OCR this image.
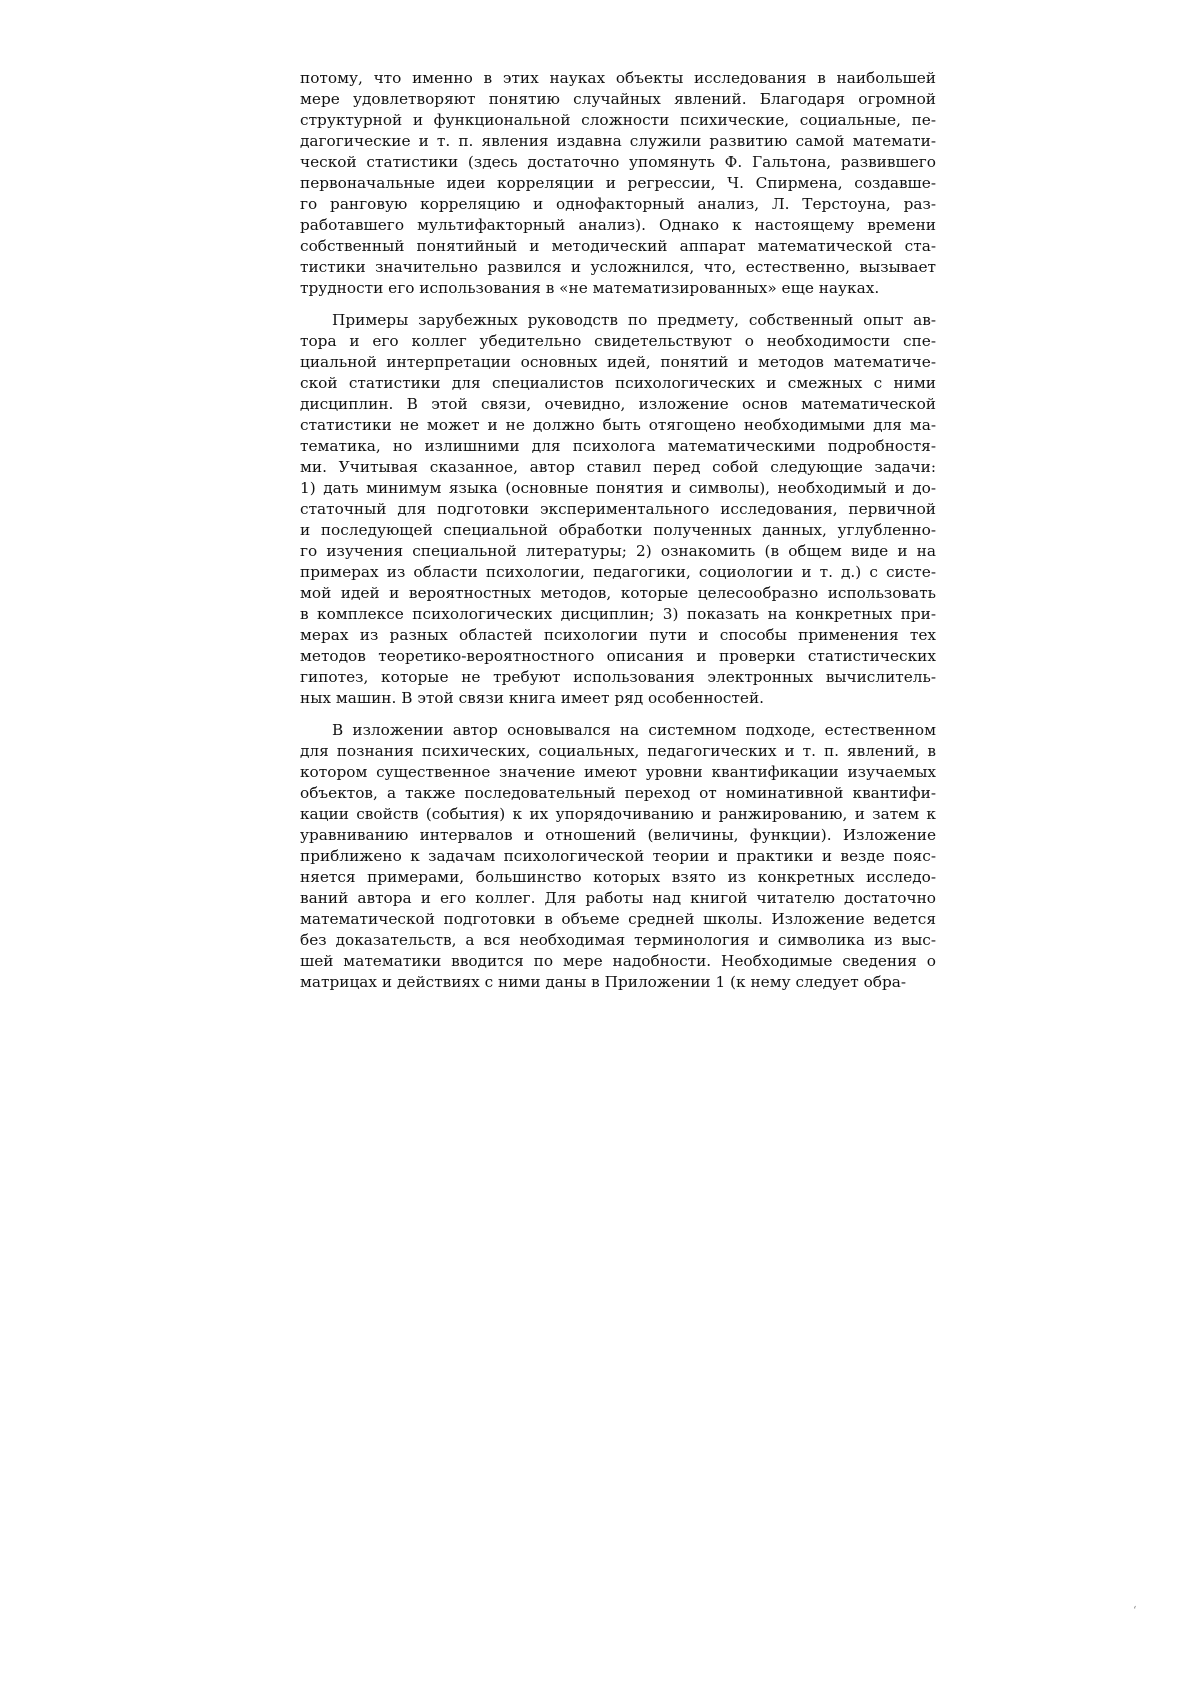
потому, что именно в этих науках объекты исследования в наибольшей
мере удовлетворяют понятию случайных явлений. Благодаря огромной
структурной и функциональной сложности психические, социальные, пе-
дагогические и т. п. явления издавна служили развитию самой математи-
ческой статистики (здесь достаточно упомянуть Ф. Гальтона, развившего
первоначальные идеи корреляции и регрессии, Ч. Спирмена, создавше-
го ранговую корреляцию и однофакторный анализ, Л. Терстоуна, раз-
работавшего мультифакторный анализ). Однако к настоящему времени
собственный понятийный и методический аппарат математической ста-
тистики значительно развился и усложнился, что, естественно, вызывает
трудности его использования в «не математизированных» еще науках.
Примеры зарубежных руководств по предмету, собственный опыт ав-
тора и его коллег убедительно свидетельствуют о необходимости спе-
циальной интерпретации основных идей, понятий и методов математиче-
ской статистики для специалистов психологических и смежных с ними
дисциплин. В этой связи, очевидно, изложение основ математической
статистики не может и не должно быть отягощено необходимыми для ма-
тематика, но излишними для психолога математическими подробностя-
ми. Учитывая сказанное, автор ставил перед собой следующие задачи:
1) дать минимум языка (основные понятия и символы), необходимый и до-
статочный для подготовки экспериментального исследования, первичной
и последующей специальной обработки полученных данных, углубленно-
го изучения специальной литературы; 2) ознакомить (в общем виде и на
примерах из области психологии, педагогики, социологии и т. д.) с систе-
мой идей и вероятностных методов, которые целесообразно использовать
в комплексе психологических дисциплин; 3) показать на конкретных при-
мерах из разных областей психологии пути и способы применения тех
методов теоретико-вероятностного описания и проверки статистических
гипотез, которые не требуют использования электронных вычислитель-
ных машин. В этой связи книга имеет ряд особенностей.
В изложении автор основывался на системном подходе, естественном
для познания психических, социальных, педагогических и т. п. явлений, в
котором существенное значение имеют уровни квантификации изучаемых
объектов, а также последовательный переход от номинативной квантифи-
кации свойств (события) к их упорядочиванию и ранжированию, и затем к
уравниванию интервалов и отношений (величины, функции). Изложение
приближено к задачам психологической теории и практики и везде пояс-
няется примерами, большинство которых взято из конкретных исследо-
ваний автора и его коллег. Для работы над книгой читателю достаточно
математической подготовки в объеме средней школы. Изложение ведется
без доказательств, а вся необходимая терминология и символика из выс-
шей математики вводится по мере надобности. Необходимые сведения о
матрицах и действиях с ними даны в Приложении 1 (к нему следует обра-
‘
